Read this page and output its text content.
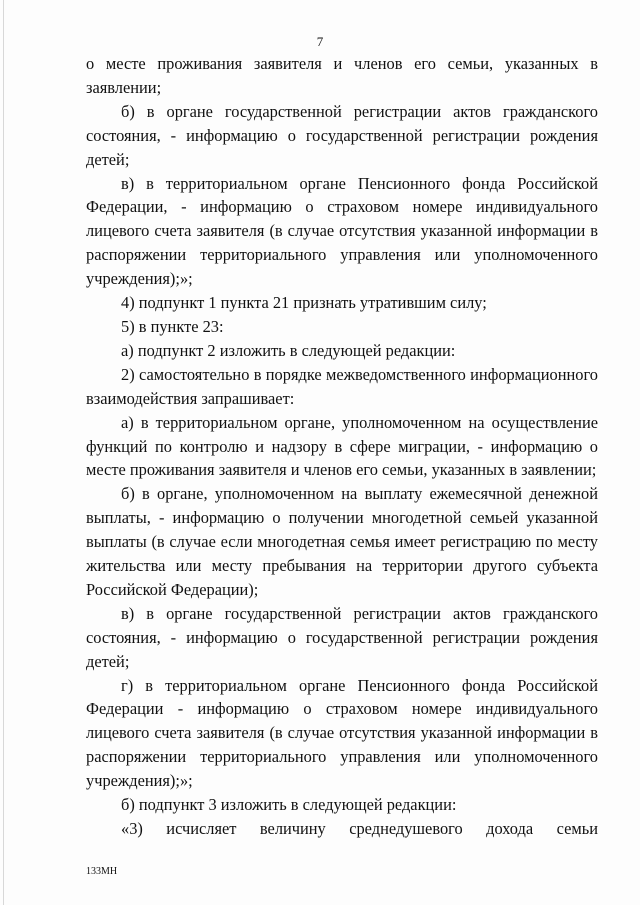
7

о месте проживания заявителя и членов его семьи, указанных в заявлении;

б) в органе государственной регистрации актов гражданского состояния, - информацию о государственной регистрации рождения детей;

в) в территориальном органе Пенсионного фонда Российской Федерации, - информацию о страховом номере индивидуального лицевого счета заявителя (в случае отсутствия указанной информации в распоряжении территориального управления или уполномоченного учреждения);»;

4) подпункт 1 пункта 21 признать утратившим силу;

5) в пункте 23:

а) подпункт 2 изложить в следующей редакции:

2) самостоятельно в порядке межведомственного информационного взаимодействия запрашивает:

а) в территориальном органе, уполномоченном на осуществление функций по контролю и надзору в сфере миграции, - информацию о месте проживания заявителя и членов его семьи, указанных в заявлении;

б) в органе, уполномоченном на выплату ежемесячной денежной выплаты, - информацию о получении многодетной семьей указанной выплаты (в случае если многодетная семья имеет регистрацию по месту жительства или месту пребывания на территории другого субъекта Российской Федерации);

в) в органе государственной регистрации актов гражданского состояния, - информацию о государственной регистрации рождения детей;

г) в территориальном органе Пенсионного фонда Российской Федерации - информацию о страховом номере индивидуального лицевого счета заявителя (в случае отсутствия указанной информации в распоряжении территориального управления или уполномоченного учреждения);»;

б) подпункт 3 изложить в следующей редакции:

«3) исчисляет величину среднедушевого дохода семьи
133МН
